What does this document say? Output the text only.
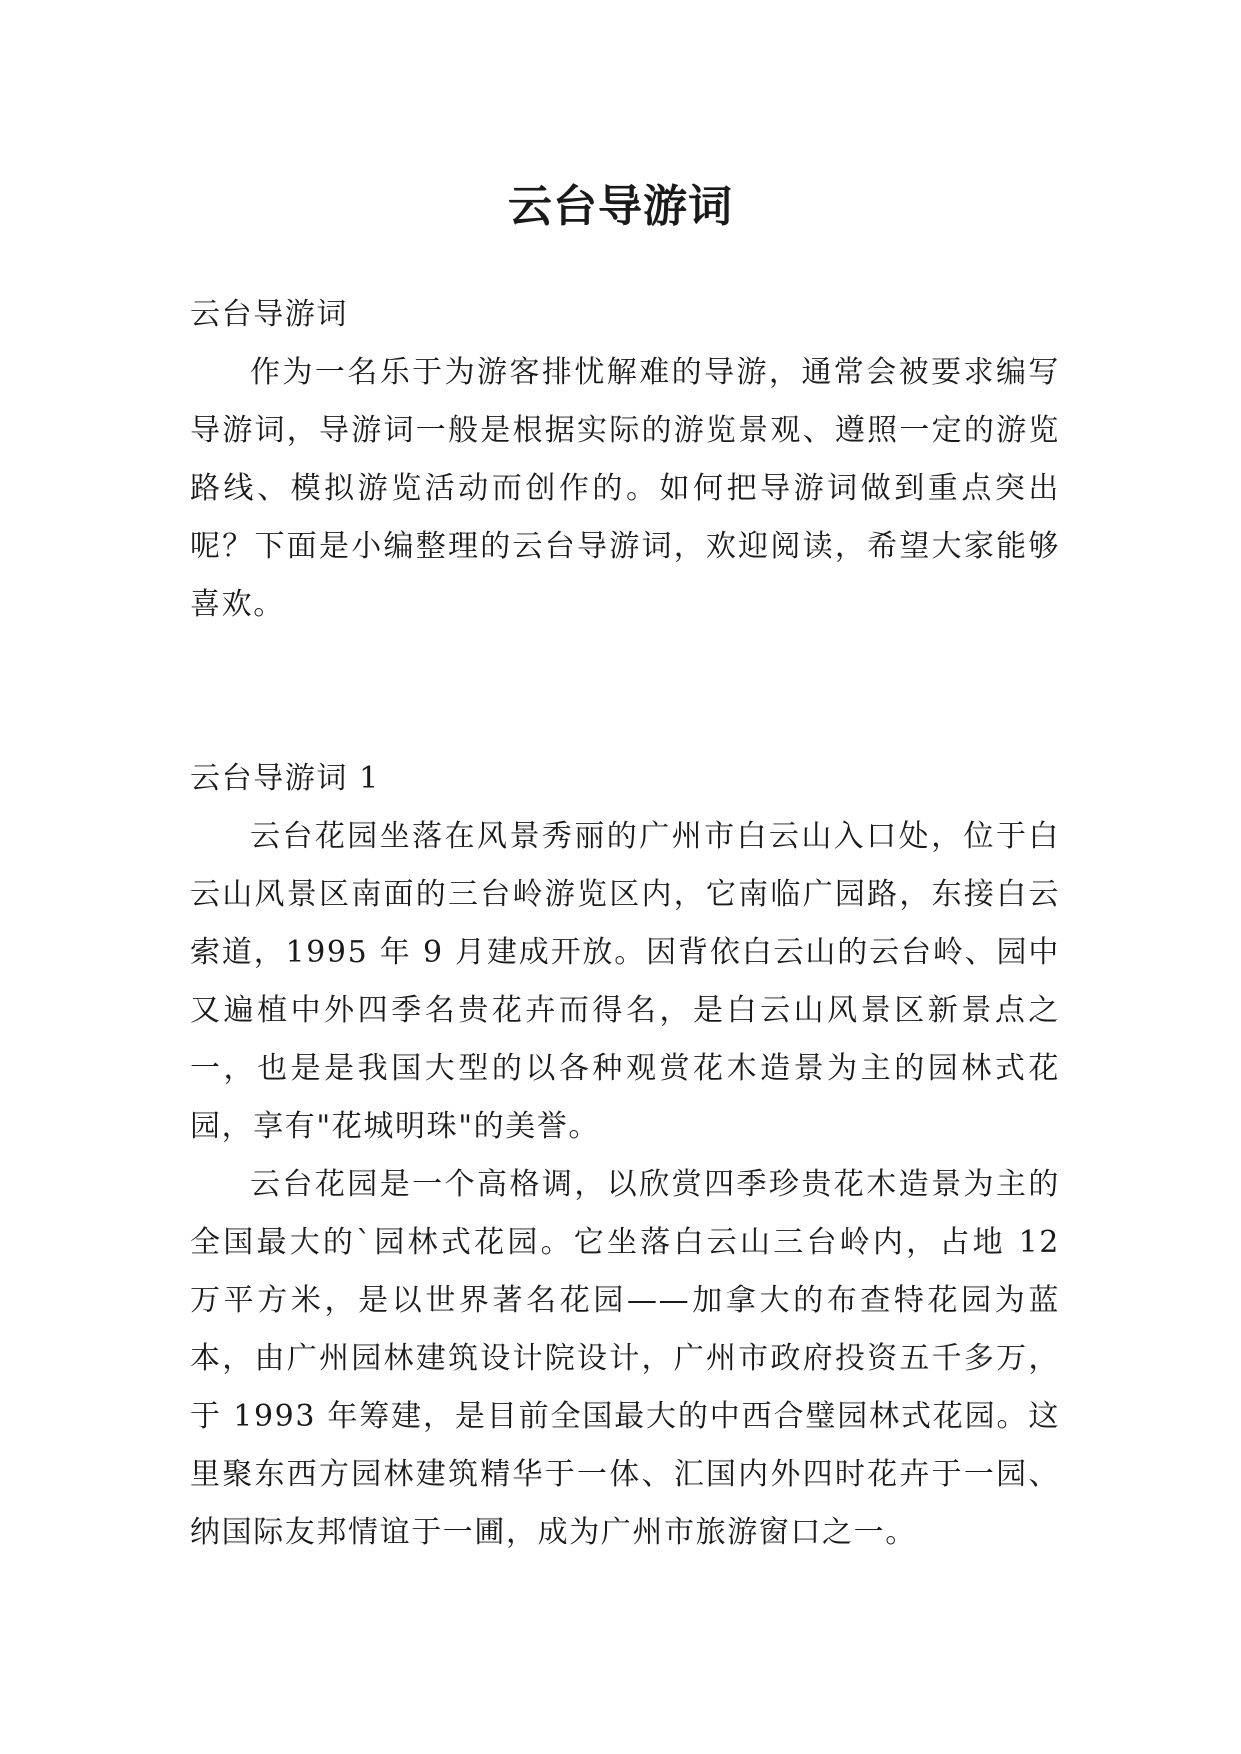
云台导游词

云台导游词

作为一名乐于为游客排忧解难的导游，通常会被要求编写导游词，导游词一般是根据实际的游览景观、遵照一定的游览路线、模拟游览活动而创作的。如何把导游词做到重点突出呢？下面是小编整理的云台导游词，欢迎阅读，希望大家能够喜欢。

云台导游词 1

云台花园坐落在风景秀丽的广州市白云山入口处，位于白云山风景区南面的三台岭游览区内，它南临广园路，东接白云索道，1995 年 9 月建成开放。因背依白云山的云台岭、园中又遍植中外四季名贵花卉而得名，是白云山风景区新景点之一，也是是我国大型的以各种观赏花木造景为主的园林式花园，享有"花城明珠"的美誉。

云台花园是一个高格调，以欣赏四季珍贵花木造景为主的全国最大的`园林式花园。它坐落白云山三台岭内，占地 12 万平方米，是以世界著名花园——加拿大的布查特花园为蓝本，由广州园林建筑设计院设计，广州市政府投资五千多万，于 1993 年筹建，是目前全国最大的中西合璧园林式花园。这里聚东西方园林建筑精华于一体、汇国内外四时花卉于一园、纳国际友邦情谊于一圃，成为广州市旅游窗口之一。
